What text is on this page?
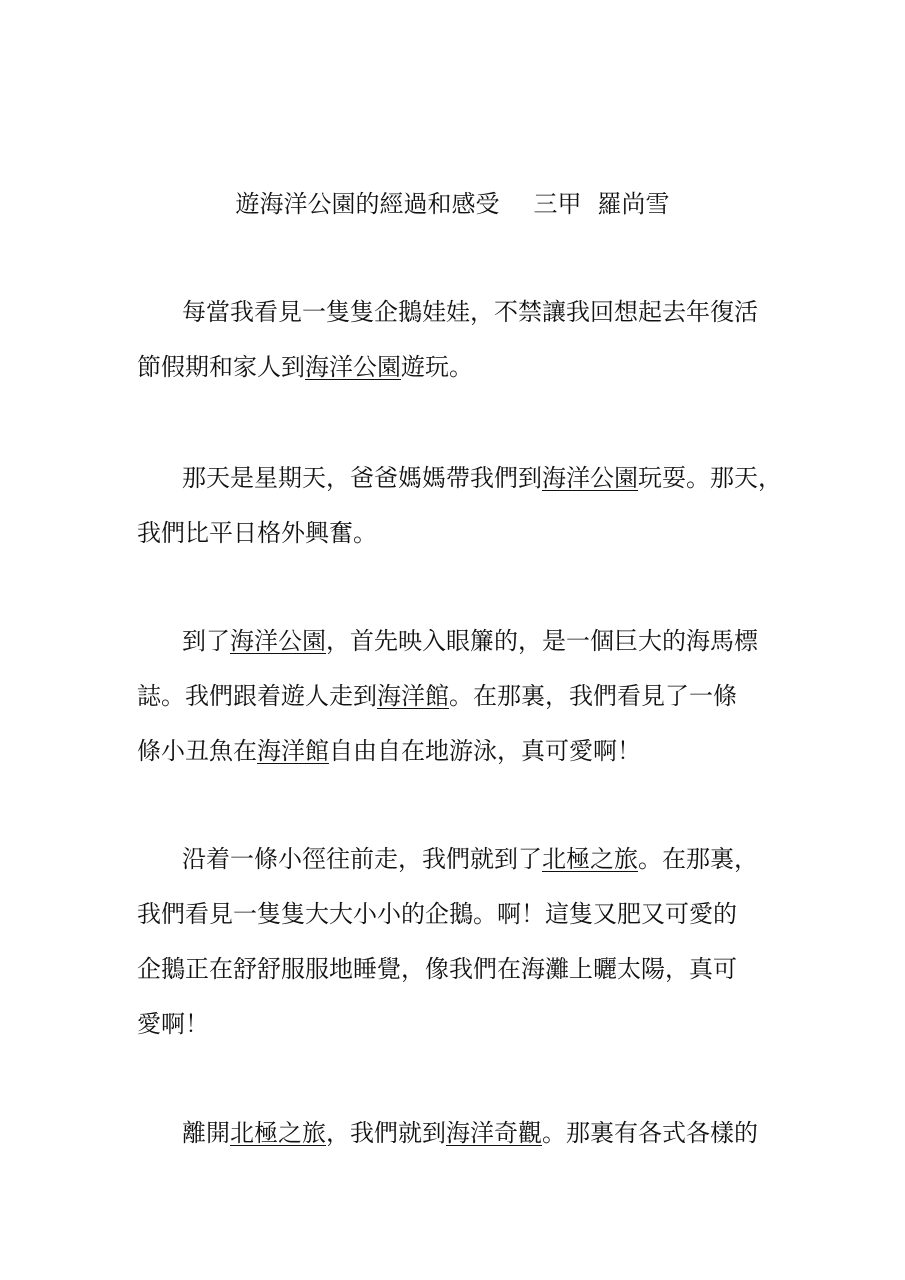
遊海洋公園的經過和感受 三甲 羅尚雪
每當我看見一隻隻企鵝娃娃，不禁讓我回想起去年復活
節假期和家人到海洋公園遊玩。
那天是星期天，爸爸媽媽帶我們到海洋公園玩耍。那天，
我們比平日格外興奮。
到了海洋公園，首先映入眼簾的，是一個巨大的海馬標
誌。我們跟着遊人走到海洋館。在那裏，我們看見了一條
條小丑魚在海洋館自由自在地游泳，真可愛啊！
沿着一條小徑往前走，我們就到了北極之旅。在那裏，
我們看見一隻隻大大小小的企鵝。啊！這隻又肥又可愛的
企鵝正在舒舒服服地睡覺，像我們在海灘上曬太陽，真可
愛啊！
離開北極之旅，我們就到海洋奇觀。那裏有各式各樣的
